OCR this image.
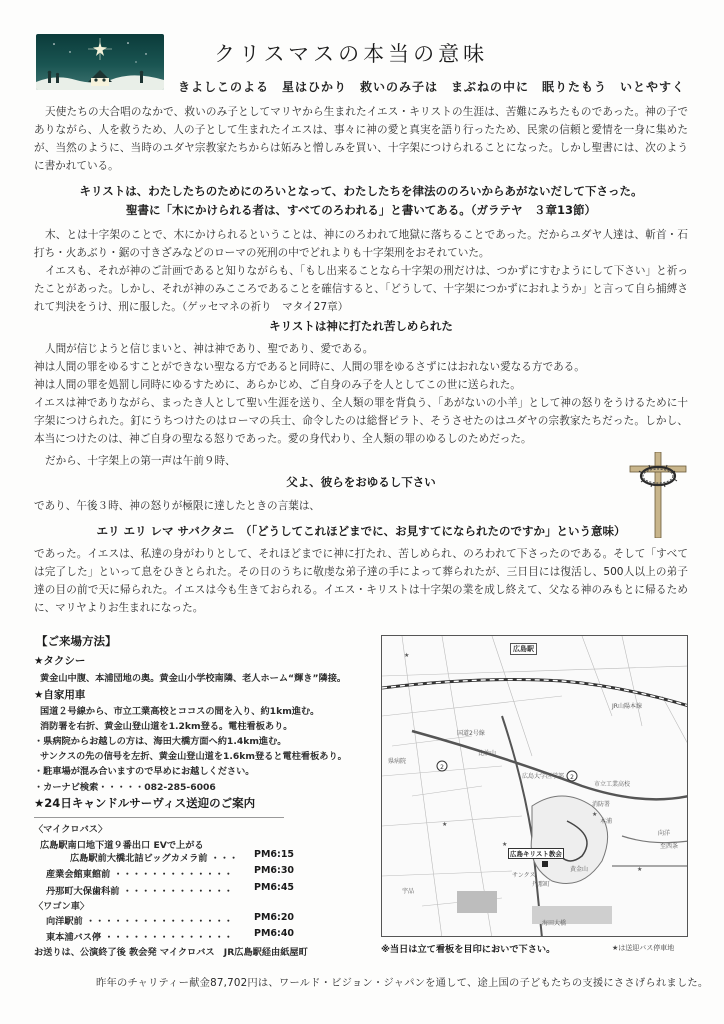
クリスマスの本当の意味
きよしこのよる　星はひかり　救いのみ子は　まぶねの中に　眠りたもう　いとやすく

天使たちの大合唱のなかで、救いのみ子としてマリヤから生まれたイエス・キリストの生涯は、苦難にみちたものであった。神の子でありながら、人を救うため、人の子として生まれたイエスは、事々に神の愛と真実を語り行ったため、民衆の信頼と愛情を一身に集めたが、当然のように、当時のユダヤ宗教家たちからは妬みと憎しみを買い、十字架につけられることになった。しかし聖書には、次のように書かれている。

キリストは、わたしたちのためにのろいとなって、わたしたちを律法ののろいからあがないだして下さった。
聖書に「木にかけられる者は、すべてのろわれる」と書いてある。（ガラテヤ　３章13節）

木、とは十字架のことで、木にかけられるということは、神にのろわれて地獄に落ちることであった。だからユダヤ人達は、斬首・石打ち・火あぶり・鋸の寸きざみなどのローマの死刑の中でどれよりも十字架刑をおそれていた。

イエスも、それが神のご計画であると知りながらも、「もし出来ることなら十字架の刑だけは、つかずにすむようにして下さい」と祈ったことがあった。しかし、それが神のみこころであることを確信すると、「どうして、十字架につかずにおれようか」と言って自ら捕縛されて判決をうけ、刑に服した。（ゲッセマネの祈り　マタイ27章）

キリストは神に打たれ苦しめられた

人間が信じようと信じまいと、神は神であり、聖であり、愛である。

神は人間の罪をゆるすことができない聖なる方であると同時に、人間の罪をゆるさずにはおれない愛なる方である。

神は人間の罪を処罰し同時にゆるすために、あらかじめ、ご自身のみ子を人としてこの世に送られた。

イエスは神でありながら、まったき人として聖い生涯を送り、全人類の罪を背負う、「あがないの小羊」として神の怒りをうけるために十字架につけられた。釘にうちつけたのはローマの兵士、命令したのは総督ピラト、そうさせたのはユダヤの宗教家たちだった。しかし、本当につけたのは、神ご自身の聖なる怒りであった。愛の身代わり、全人類の罪のゆるしのためだった。

だから、十字架上の第一声は午前９時、
父よ、彼らをおゆるし下さい
であり、午後３時、神の怒りが極限に達したときの言葉は、
エリ エリ レマ サバクタニ　（「どうしてこれほどまでに、お見すてになられたのですか」という意味）

であった。イエスは、私達の身がわりとして、それほどまでに神に打たれ、苦しめられ、のろわれて下さったのである。そして「すべては完了した」といって息をひきとられた。その日のうちに敬虔な弟子達の手によって葬られたが、三日目には復活し、500人以上の弟子達の目の前で天に帰られた。イエスは今も生きておられる。イエス・キリストは十字架の業を成し終えて、父なる神のみもとに帰るために、マリヤよりお生まれになった。

【ご来場方法】
★タクシー
黄金山中腹、本浦団地の奥。黄金山小学校南隣、老人ホーム“輝き”隣接。
★自家用車
国道２号線から、市立工業高校とココスの間を入り、約1km進む。
消防署を右折、黄金山登山道を1.2km登る。電柱看板あり。
・県病院からお越しの方は、海田大橋方面へ約1.4km進む。
サンクスの先の信号を左折、黄金山登山道を1.6km登ると電柱看板あり。
・駐車場が混み合いますので早めにお越しください。
★24日キャンドルサーヴィス送迎のご案内
〈マイクロバス〉
広島駅南口地下道９番出口 EVで上がる
広島駅前大橋北詰ビッグカメラ前 ・・・ PM6:15
産業会館東館前 ・・・・・・・・・・・・・ PM6:30
丹那町大保歯科前 ・・・・・・・・・・・・ PM6:45
〈ワゴン車〉
向洋駅前 ・・・・・・・・・・・・・・・・ PM6:20
東本浦バス停 ・・・・・・・・・・・・・・ PM6:40
お送りは、公演終了後 教会発 マイクロバス　JR広島駅経由紙屋町
2
2
★
★
★
★
★
広島駅
JR山陽本線
比治山
国道2号線
広島大学医学部
市立工業高校
消防署
県病院
広島キリスト教会
黄金山
サンクス
海田大橋
向洋
至西条
宇品
丹那町
本浦
※当日は立て看板を目印においで下さい。	★は送迎バス停車地
昨年のチャリティー献金87,702円は、ワールド・ビジョン・ジャパンを通して、途上国の子どもたちの支援にささげられました。
・カーナビ検索・・・・・082-285-6006
